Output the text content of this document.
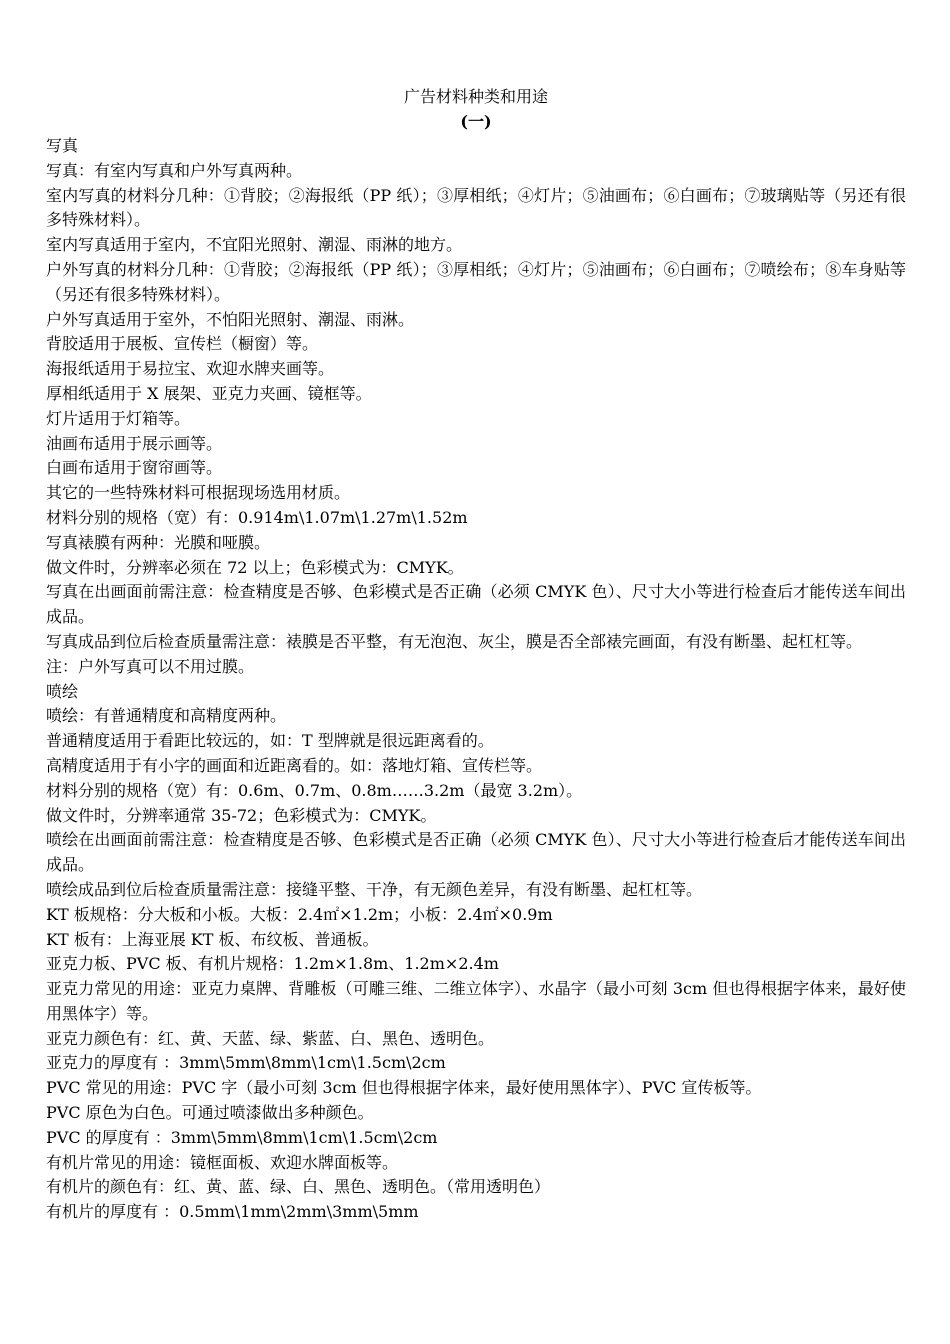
广告材料种类和用途
(一)

写真

写真：有室内写真和户外写真两种。

室内写真的材料分几种：①背胶；②海报纸（PP 纸）；③厚相纸；④灯片；⑤油画布；⑥白画布；⑦玻璃贴等（另还有很多特殊材料）。

室内写真适用于室内，不宜阳光照射、潮湿、雨淋的地方。

户外写真的材料分几种：①背胶；②海报纸（PP 纸）；③厚相纸；④灯片；⑤油画布；⑥白画布；⑦喷绘布；⑧车身贴等（另还有很多特殊材料）。

户外写真适用于室外，不怕阳光照射、潮湿、雨淋。

背胶适用于展板、宣传栏（橱窗）等。

海报纸适用于易拉宝、欢迎水牌夹画等。

厚相纸适用于 X 展架、亚克力夹画、镜框等。

灯片适用于灯箱等。

油画布适用于展示画等。

白画布适用于窗帘画等。

其它的一些特殊材料可根据现场选用材质。

材料分别的规格（宽）有：0.914m\1.07m\1.27m\1.52m

写真裱膜有两种：光膜和哑膜。

做文件时，分辨率必须在 72 以上；色彩模式为：CMYK。

写真在出画面前需注意：检查精度是否够、色彩模式是否正确（必须 CMYK 色）、尺寸大小等进行检查后才能传送车间出成品。

写真成品到位后检查质量需注意：裱膜是否平整，有无泡泡、灰尘，膜是否全部裱完画面，有没有断墨、起杠杠等。

注：户外写真可以不用过膜。

喷绘

喷绘：有普通精度和高精度两种。

普通精度适用于看距比较远的，如：T 型牌就是很远距离看的。

高精度适用于有小字的画面和近距离看的。如：落地灯箱、宣传栏等。

材料分别的规格（宽）有：0.6m、0.7m、0.8m……3.2m（最宽 3.2m）。

做文件时，分辨率通常 35-72；色彩模式为：CMYK。

喷绘在出画面前需注意：检查精度是否够、色彩模式是否正确（必须 CMYK 色）、尺寸大小等进行检查后才能传送车间出成品。

喷绘成品到位后检查质量需注意：接缝平整、干净，有无颜色差异，有没有断墨、起杠杠等。

KT 板规格：分大板和小板。大板：2.4㎡×1.2m；小板：2.4㎡×0.9m

KT 板有：上海亚展 KT 板、布纹板、普通板。

亚克力板、PVC 板、有机片规格：1.2m×1.8m、1.2m×2.4m

亚克力常见的用途：亚克力桌牌、背雕板（可雕三维、二维立体字）、水晶字（最小可刻 3cm 但也得根据字体来，最好使用黑体字）等。

亚克力颜色有：红、黄、天蓝、绿、紫蓝、白、黑色、透明色。

亚克力的厚度有 ：3mm\5mm\8mm\1cm\1.5cm\2cm

PVC 常见的用途：PVC 字（最小可刻 3cm 但也得根据字体来，最好使用黑体字）、PVC 宣传板等。

PVC 原色为白色。可通过喷漆做出多种颜色。

PVC 的厚度有 ：3mm\5mm\8mm\1cm\1.5cm\2cm

有机片常见的用途：镜框面板、欢迎水牌面板等。

有机片的颜色有：红、黄、蓝、绿、白、黑色、透明色。（常用透明色）

有机片的厚度有 ：0.5mm\1mm\2mm\3mm\5mm
